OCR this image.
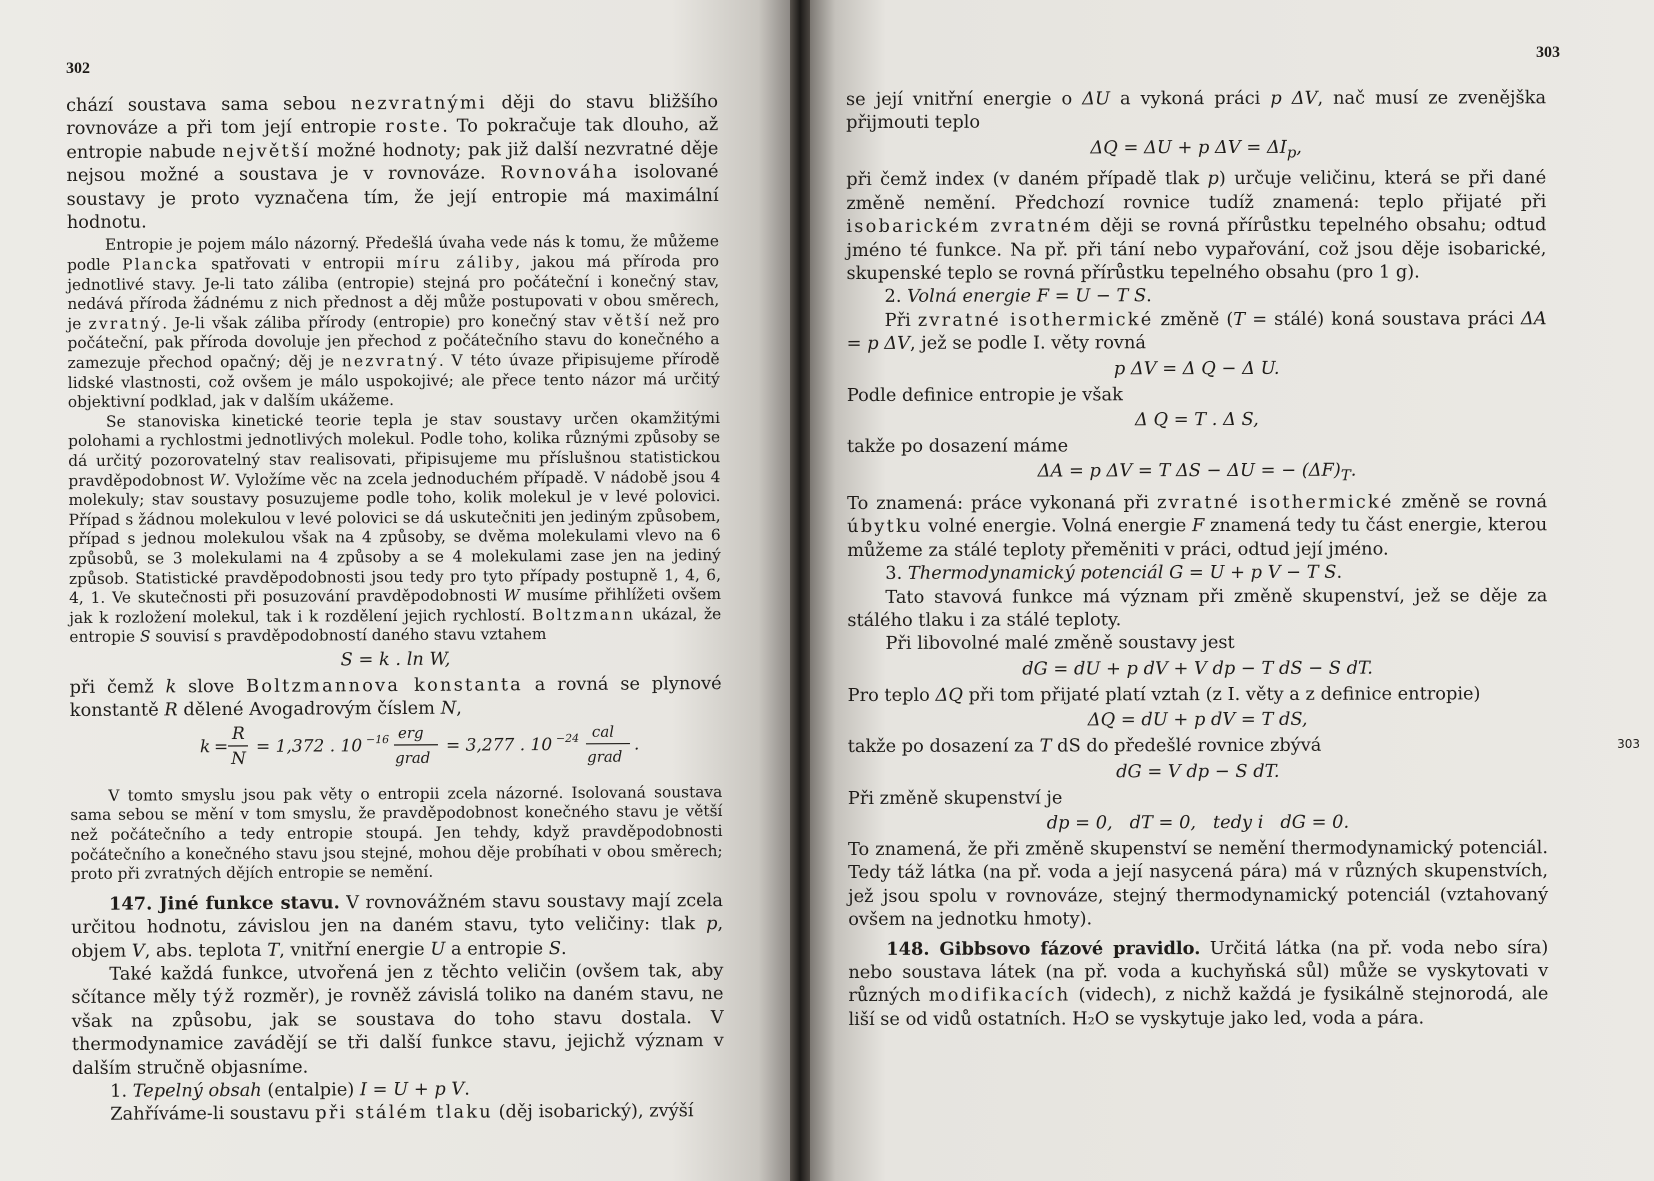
302

chází soustava sama sebou nezvratnými ději do stavu bližšího rovnováze a při tom její entropie roste. To pokračuje tak dlouho, až entropie nabude největší možné hodnoty; pak již další nezvratné děje nejsou možné a soustava je v rovnováze. Rovnováha isolované soustavy je proto vyznačena tím, že její entropie má maximální hodnotu.

Entropie je pojem málo názorný. Předešlá úvaha vede nás k tomu, že můžeme podle Plancka spatřovati v entropii míru záliby, jakou má příroda pro jednotlivé stavy. Je-li tato záliba (entropie) stejná pro počáteční i konečný stav, nedává příroda žádnému z nich přednost a děj může postupovati v obou směrech, je zvratný. Je-li však záliba přírody (entropie) pro konečný stav větší než pro počáteční, pak příroda dovoluje jen přechod z počátečního stavu do konečného a zamezuje přechod opačný; děj je nezvratný. V této úvaze připisujeme přírodě lidské vlastnosti, což ovšem je málo uspokojivé; ale přece tento názor má určitý objektivní podklad, jak v dalším ukážeme.

Se stanoviska kinetické teorie tepla je stav soustavy určen okamžitými polohami a rychlostmi jednotlivých molekul. Podle toho, kolika různými způsoby se dá určitý pozorovatelný stav realisovati, připisujeme mu příslušnou statistickou pravděpodobnost W. Vyložíme věc na zcela jednoduchém případě. V nádobě jsou 4 molekuly; stav soustavy posuzujeme podle toho, kolik molekul je v levé polovici. Případ s žádnou molekulou v levé polovici se dá uskutečniti jen jediným způsobem, případ s jednou molekulou však na 4 způsoby, se dvěma molekulami vlevo na 6 způsobů, se 3 molekulami na 4 způsoby a se 4 molekulami zase jen na jediný způsob. Statistické pravděpodobnosti jsou tedy pro tyto případy postupně 1, 4, 6, 4, 1. Ve skutečnosti při posuzování pravděpodobnosti W musíme přihlížeti ovšem jak k rozložení molekul, tak i k rozdělení jejich rychlostí. Boltzmann ukázal, že entropie S souvisí s pravděpodobností daného stavu vztahem

S = k . ln W,

při čemž k slove Boltzmannova konstanta a rovná se plynové konstantě R dělené Avogadrovým číslem N,

k =
R
N
= 1,372 . 10 −16 erg
grad
= 3,277 . 10 −24 cal
grad
.

V tomto smyslu jsou pak věty o entropii zcela názorné. Isolovaná soustava sama sebou se mění v tom smyslu, že pravděpodobnost konečného stavu je větší než počátečního a tedy entropie stoupá. Jen tehdy, když pravděpodobnosti počátečního a konečného stavu jsou stejné, mohou děje probíhati v obou směrech; proto při zvratných dějích entropie se nemění.

147. Jiné funkce stavu. V rovnovážném stavu soustavy mají zcela určitou hodnotu, závislou jen na daném stavu, tyto veličiny: tlak p, objem V, abs. teplota T, vnitřní energie U a entropie S.

Také každá funkce, utvořená jen z těchto veličin (ovšem tak, aby sčítance měly týž rozměr), je rovněž závislá toliko na daném stavu, ne však na způsobu, jak se soustava do toho stavu dostala. V thermodynamice zavádějí se tři další funkce stavu, jejichž význam v dalším stručně objasníme.

1. Tepelný obsah (entalpie) I = U + p V.

Zahříváme-li soustavu při stálém tlaku (děj isobarický), zvýší

303

se její vnitřní energie o ΔU a vykoná práci p ΔV, nač musí ze zvenějška přijmouti teplo

ΔQ = ΔU + p $\Delta V = \Delta I_p$,

při čemž index (v daném případě tlak p) určuje veličinu, která se při dané změně nemění. Předchozí rovnice tudíž znamená: teplo přijaté při isobarickém zvratném ději se rovná přírůstku tepelného obsahu; odtud jméno té funkce. Na př. při tání nebo vypařování, což jsou děje isobarické, skupenské teplo se rovná přírůstku tepelného obsahu (pro 1 g).

2. Volná energie F = U − T S.

Při zvratné isothermické změně (T = stálé) koná soustava práci ΔA = p ΔV, jež se podle I. věty rovná

p ΔV = Δ Q − Δ U.

Podle definice entropie je však

Δ Q = T . Δ S,

takže po dosazení máme

ΔA = p ΔV = T ΔS − ΔU = − $(\Delta F)_T$.

To znamená: práce vykonaná při zvratné isothermické změně se rovná úbytku volné energie. Volná energie F znamená tedy tu část energie, kterou můžeme za stálé teploty přeměniti v práci, odtud její jméno.

3. Thermodynamický potenciál G = U + p V − T S.

Tato stavová funkce má význam při změně skupenství, jež se děje za stálého tlaku i za stálé teploty.

Při libovolné malé změně soustavy jest

dG = dU + p dV + V dp − T dS − S dT.

Pro teplo ΔQ při tom přijaté platí vztah (z I. věty a z definice entropie)

ΔQ = dU + p dV = T dS,

takže po dosazení za T dS do předešlé rovnice zbývá

dG = V dp − S dT.

Při změně skupenství je

dp = 0,   dT = 0,   tedy i   dG = 0.

To znamená, že při změně skupenství se nemění thermodynamický potenciál. Tedy táž látka (na př. voda a její nasycená pára) má v různých skupenstvích, jež jsou spolu v rovnováze, stejný thermodynamický potenciál (vztahovaný ovšem na jednotku hmoty).

148. Gibbsovo fázové pravidlo. Určitá látka (na př. voda nebo síra) nebo soustava látek (na př. voda a kuchyňská sůl) může se vyskytovati v různých modifikacích (videch), z nichž každá je fysikálně stejnorodá, ale liší se od vidů ostatních. H₂O se vyskytuje jako led, voda a pára.

303
